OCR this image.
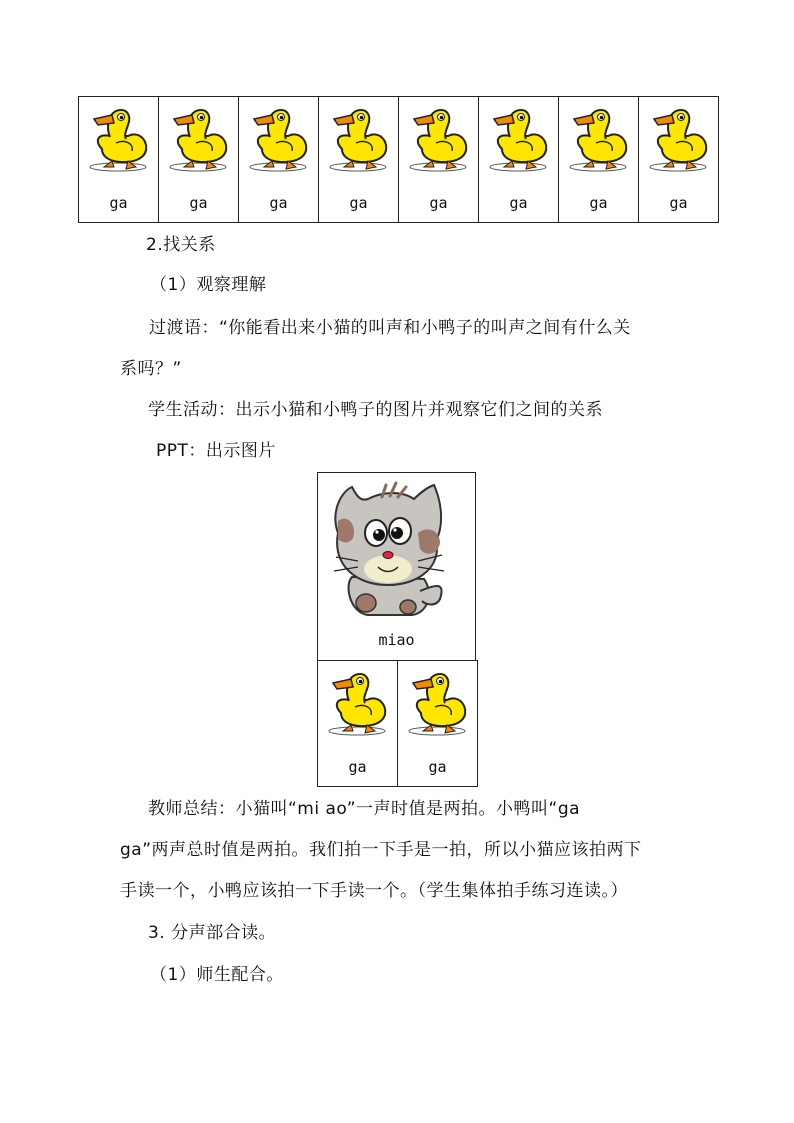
ga	ga	ga	ga	ga	ga	ga	ga
2.找关系
（1）观察理解
过渡语：“你能看出来小猫的叫声和小鸭子的叫声之间有什么关
系吗？”
学生活动：出示小猫和小鸭子的图片并观察它们之间的关系
PPT：出示图片
miao
ga	ga
教师总结：小猫叫“mi ao”一声时值是两拍。小鸭叫“ga
ga”两声总时值是两拍。我们拍一下手是一拍，所以小猫应该拍两下
手读一个，小鸭应该拍一下手读一个。（学生集体拍手练习连读。）
3. 分声部合读。
（1）师生配合。
